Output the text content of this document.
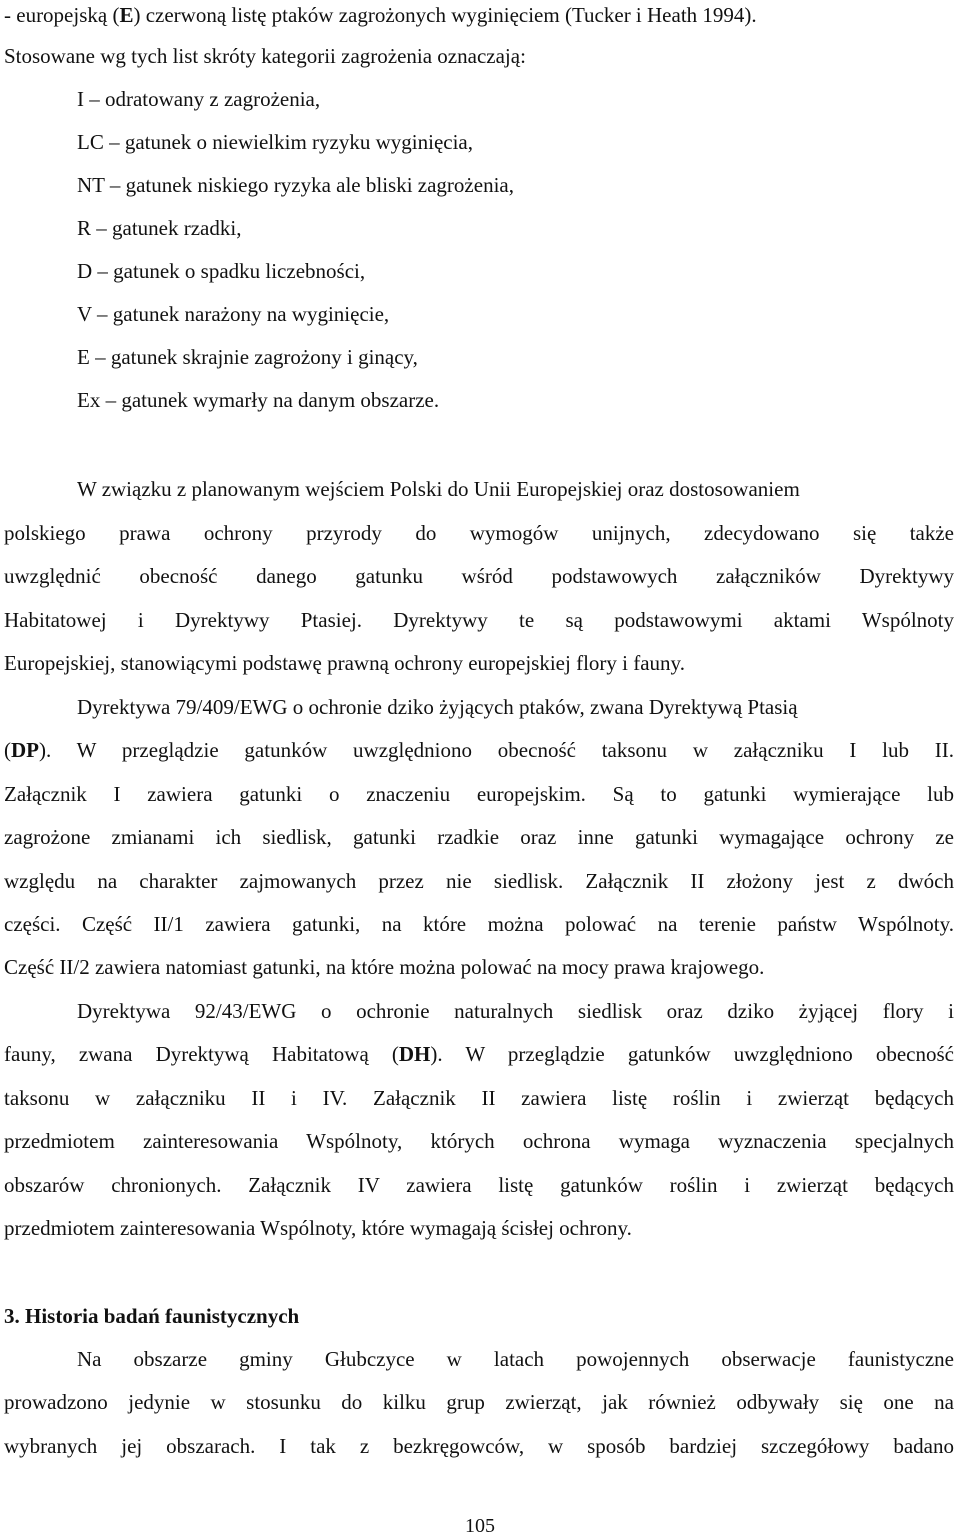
- europejską (E) czerwoną listę ptaków zagrożonych wyginięciem (Tucker i Heath 1994).
Stosowane wg tych list skróty kategorii zagrożenia oznaczają:
I – odratowany z zagrożenia,
LC – gatunek o niewielkim ryzyku wyginięcia,
NT – gatunek niskiego ryzyka ale bliski zagrożenia,
R – gatunek rzadki,
D – gatunek o spadku liczebności,
V – gatunek narażony na wyginięcie,
E – gatunek skrajnie zagrożony i ginący,
Ex – gatunek wymarły na danym obszarze.
W związku z planowanym wejściem Polski do Unii Europejskiej oraz dostosowaniem
polskiego prawa ochrony przyrody do wymogów unijnych, zdecydowano się także
uwzględnić obecność danego gatunku wśród podstawowych załączników Dyrektywy
Habitatowej i Dyrektywy Ptasiej. Dyrektywy te są podstawowymi aktami Wspólnoty
Europejskiej, stanowiącymi podstawę prawną ochrony europejskiej flory i fauny.
Dyrektywa 79/409/EWG o ochronie dziko żyjących ptaków, zwana Dyrektywą Ptasią
(DP). W przeglądzie gatunków uwzględniono obecność taksonu w załączniku I lub II.
Załącznik I zawiera gatunki o znaczeniu europejskim. Są to gatunki wymierające lub
zagrożone zmianami ich siedlisk, gatunki rzadkie oraz inne gatunki wymagające ochrony ze
względu na charakter zajmowanych przez nie siedlisk. Załącznik II złożony jest z dwóch
części. Część II/1 zawiera gatunki, na które można polować na terenie państw Wspólnoty.
Część II/2 zawiera natomiast gatunki, na które można polować na mocy prawa krajowego.
Dyrektywa 92/43/EWG o ochronie naturalnych siedlisk oraz dziko żyjącej flory i
fauny, zwana Dyrektywą Habitatową (DH). W przeglądzie gatunków uwzględniono obecność
taksonu w załączniku II i IV. Załącznik II zawiera listę roślin i zwierząt będących
przedmiotem zainteresowania Wspólnoty, których ochrona wymaga wyznaczenia specjalnych
obszarów chronionych. Załącznik IV zawiera listę gatunków roślin i zwierząt będących
przedmiotem zainteresowania Wspólnoty, które wymagają ścisłej ochrony.
3. Historia badań faunistycznych
Na obszarze gminy Głubczyce w latach powojennych obserwacje faunistyczne
prowadzono jedynie w stosunku do kilku grup zwierząt, jak również odbywały się one na
wybranych jej obszarach. I tak z bezkręgowców, w sposób bardziej szczegółowy badano
105
